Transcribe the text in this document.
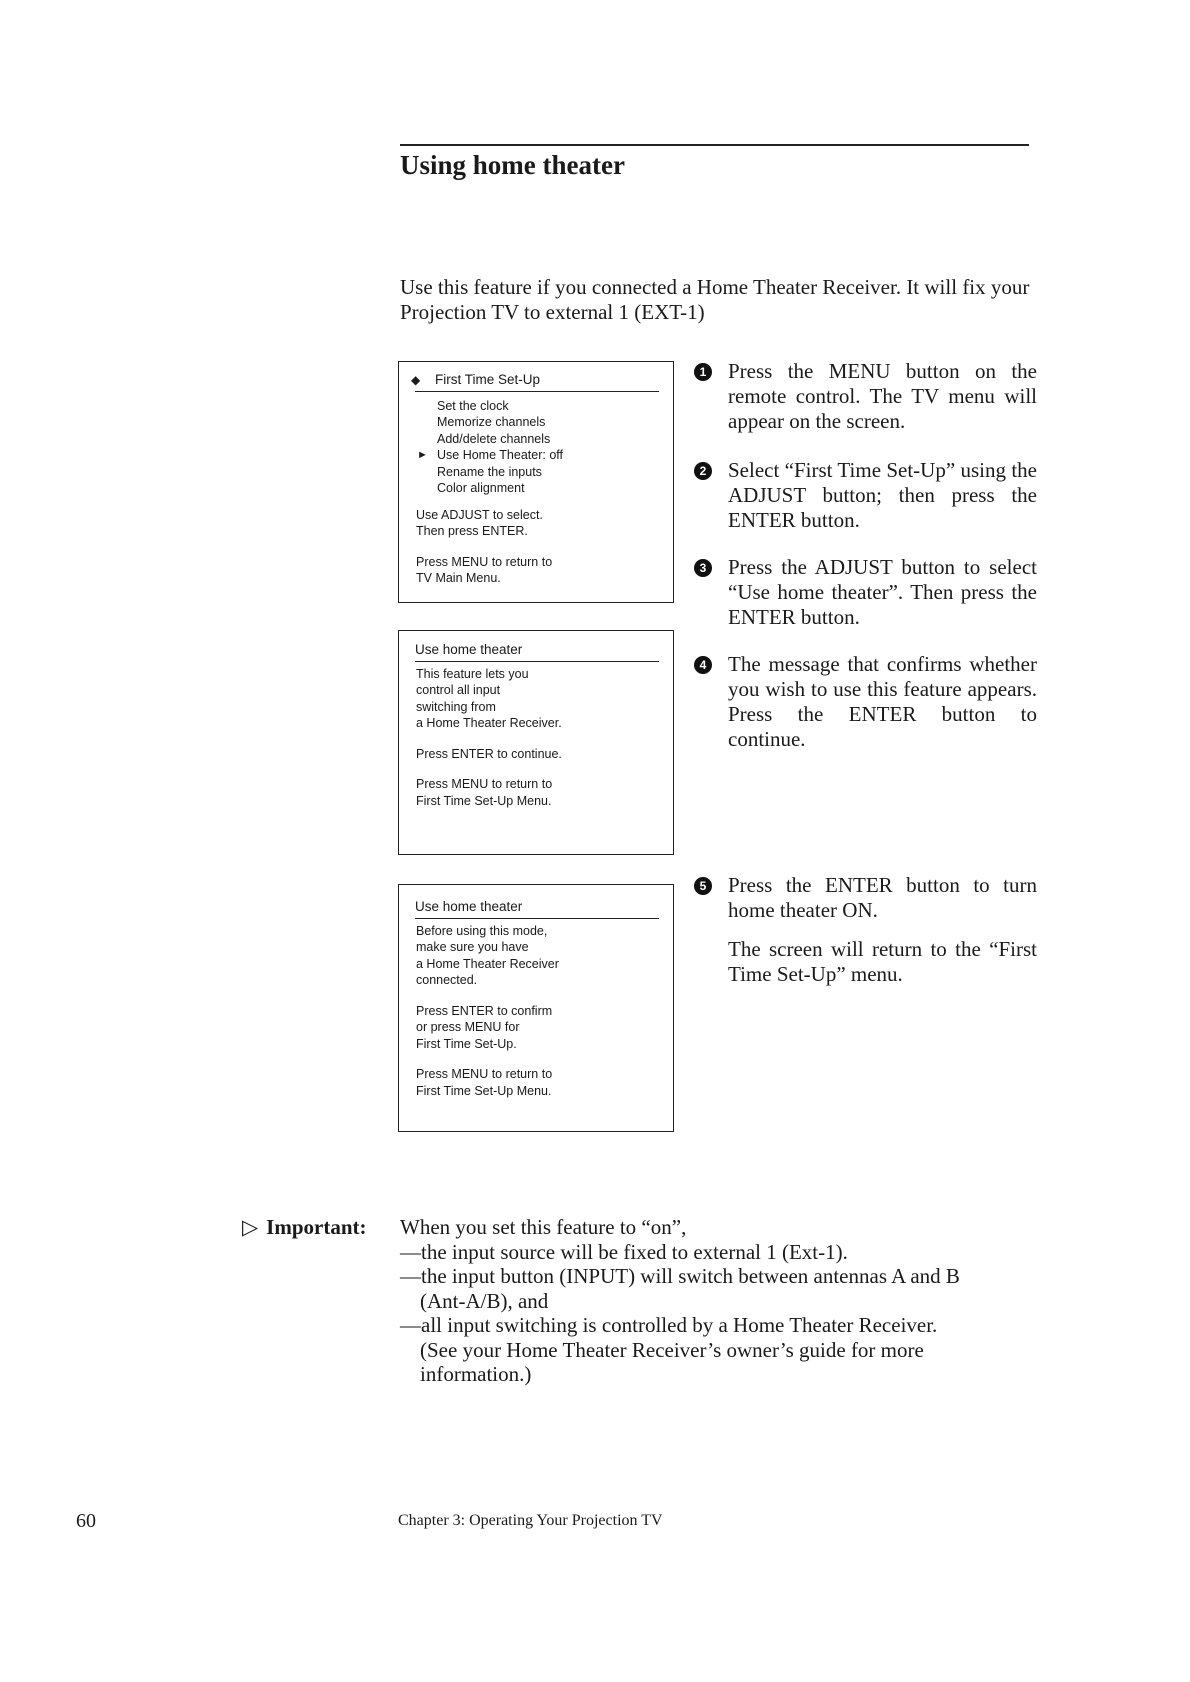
Using home theater
Use this feature if you connected a Home Theater Receiver. It will fix your Projection TV to external 1 (EXT-1)
◆ First Time Set-Up
Set the clock
Memorize channels
Add/delete channels
► Use Home Theater: off
Rename the inputs
Color alignment

Use ADJUST to select.
Then press ENTER.

Press MENU to return to
TV Main Menu.

Use home theater

This feature lets you
control all input
switching from
a Home Theater Receiver.

Press ENTER to continue.

Press MENU to return to
First Time Set-Up Menu.

Use home theater

Before using this mode,
make sure you have
a Home Theater Receiver
connected.

Press ENTER to confirm
or press MENU for
First Time Set-Up.

Press MENU to return to
First Time Set-Up Menu.

1 Press the MENU button on the remote control. The TV menu will appear on the screen.
2 Select “First Time Set-Up” using the ADJUST button; then press the ENTER button.
3 Press the ADJUST button to select “Use home theater”. Then press the ENTER button.
4 The message that confirms whether you wish to use this feature appears. Press the ENTER button to continue.
5 Press the ENTER button to turn home theater ON.

The screen will return to the “First Time Set-Up” menu.

▷ Important: When you set this feature to “on”,
—the input source will be fixed to external 1 (Ext-1).
—the input button (INPUT) will switch between antennas A and B
(Ant-A/B), and
—all input switching is controlled by a Home Theater Receiver.
(See your Home Theater Receiver’s owner’s guide for more
information.)
60	Chapter 3: Operating Your Projection TV
